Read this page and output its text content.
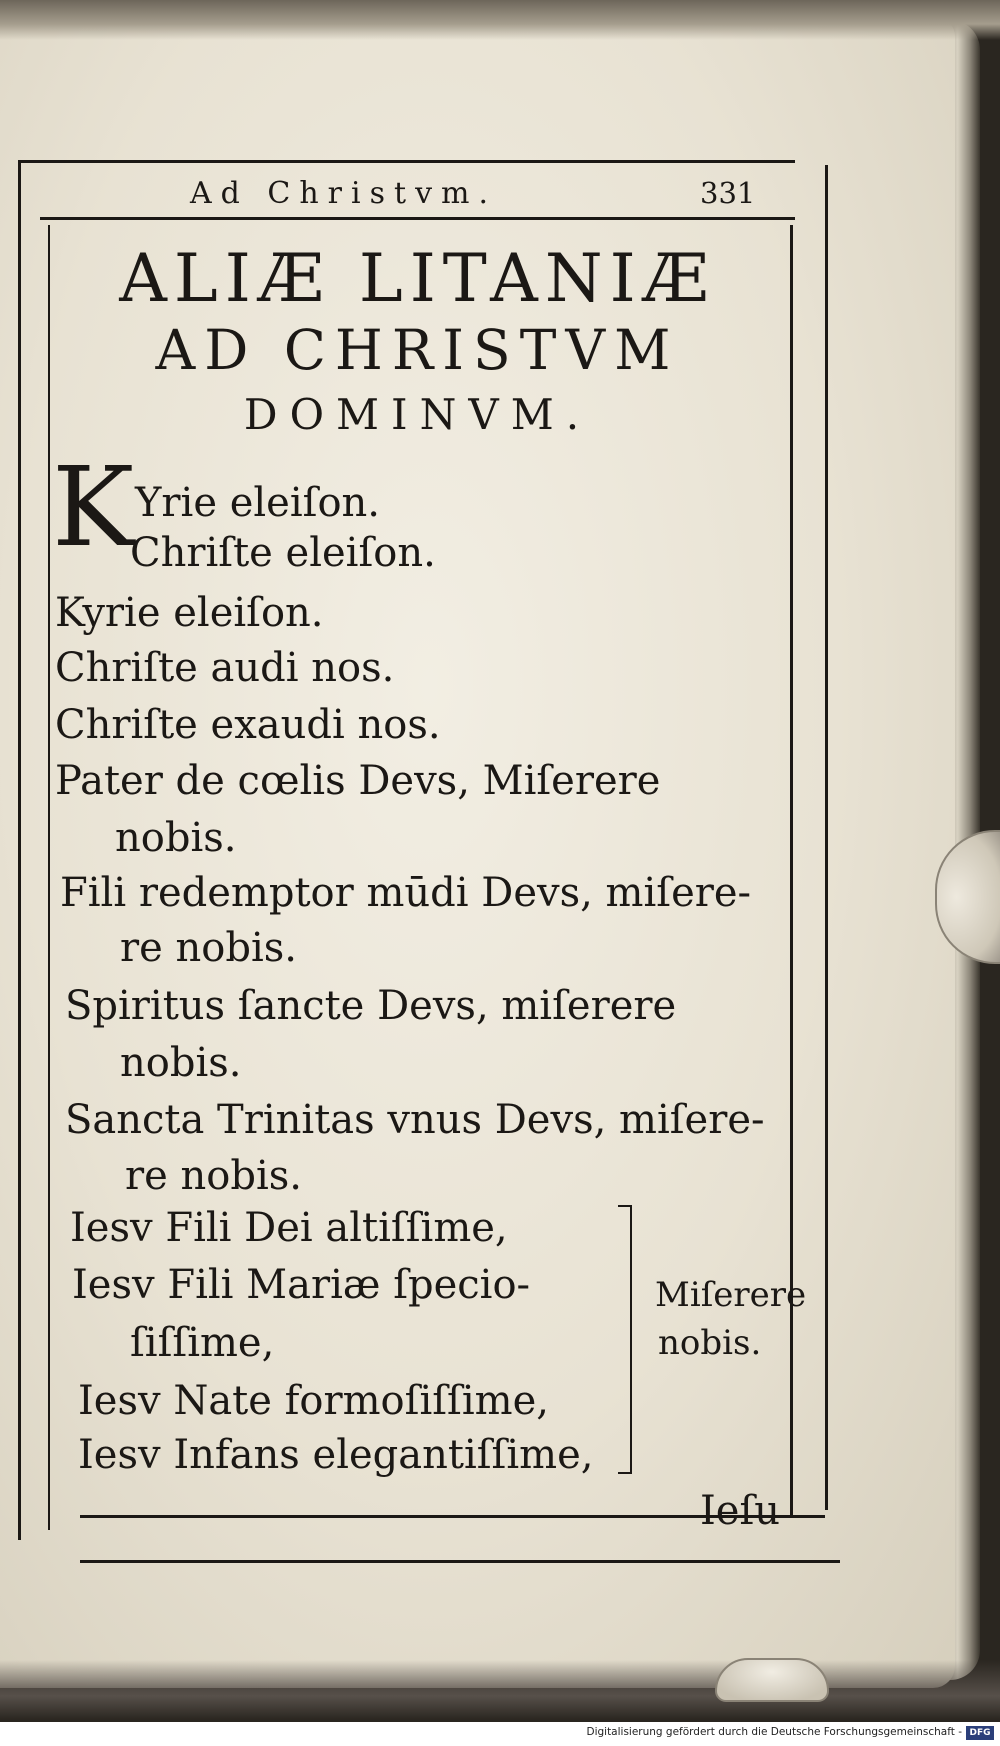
Ad Christvm.	331
ALIÆ LITANIÆ
AD CHRISTVM
DOMINVM.
K Yrie eleiſon.
Chriſte eleiſon.
Kyrie eleiſon.
Chriſte audi nos.
Chriſte exaudi nos.
Pater de cœlis Devs, Miſerere
nobis.
Fili redemptor mūdi Devs, miſere-
re nobis.
Spiritus ſancte Devs, miſerere
nobis.
Sancta Trinitas vnus Devs, miſere-
re nobis.
Iesv Fili Dei altiſſime,
Iesv Fili Mariæ ſpecio-
ſiſſime,
Iesv Nate formoſiſſime,
Iesv Infans elegantiſſime,
Miſerere
nobis.
Ieſu
Digitalisierung gefördert durch die Deutsche Forschungsgemeinschaft - DFG
